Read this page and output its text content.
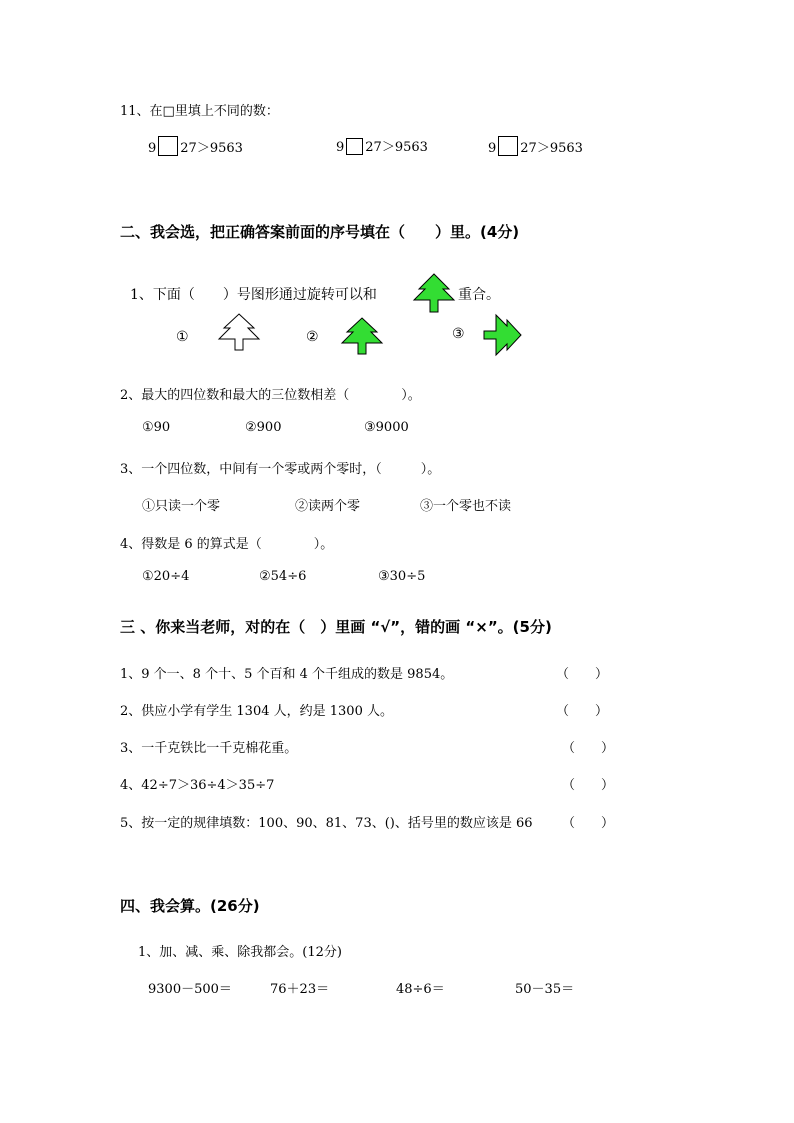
11、在□里填上不同的数：
9 27＞9563	9 27＞9563	9 27＞9563
二、我会选，把正确答案前面的序号填在（　　）里。(4分)
1、下面（　　）号图形通过旋转可以和	重合。
①	②	③
2、最大的四位数和最大的三位数相差（　　　　）。
①90	②900	③9000
3、一个四位数，中间有一个零或两个零时，（　　　）。
①只读一个零	②读两个零	③一个零也不读
4、得数是 6 的算式是（　　　　）。
①20÷4	②54÷6	③30÷5
三 、你来当老师，对的在（　）里画 “√”，错的画 “×”。(5分)
1、9 个一、8 个十、5 个百和 4 个千组成的数是 9854。	（　　）
2、供应小学有学生 1304 人，约是 1300 人。	（　　）
3、一千克铁比一千克棉花重。	（　　）
4、42÷7＞36÷4＞35÷7	（　　）
5、按一定的规律填数：100、90、81、73、()、括号里的数应该是 66 （　　）
四、我会算。(26分)
1、加、减、乘、除我都会。(12分)
9300－500＝	76＋23＝	48÷6＝	50－35＝
